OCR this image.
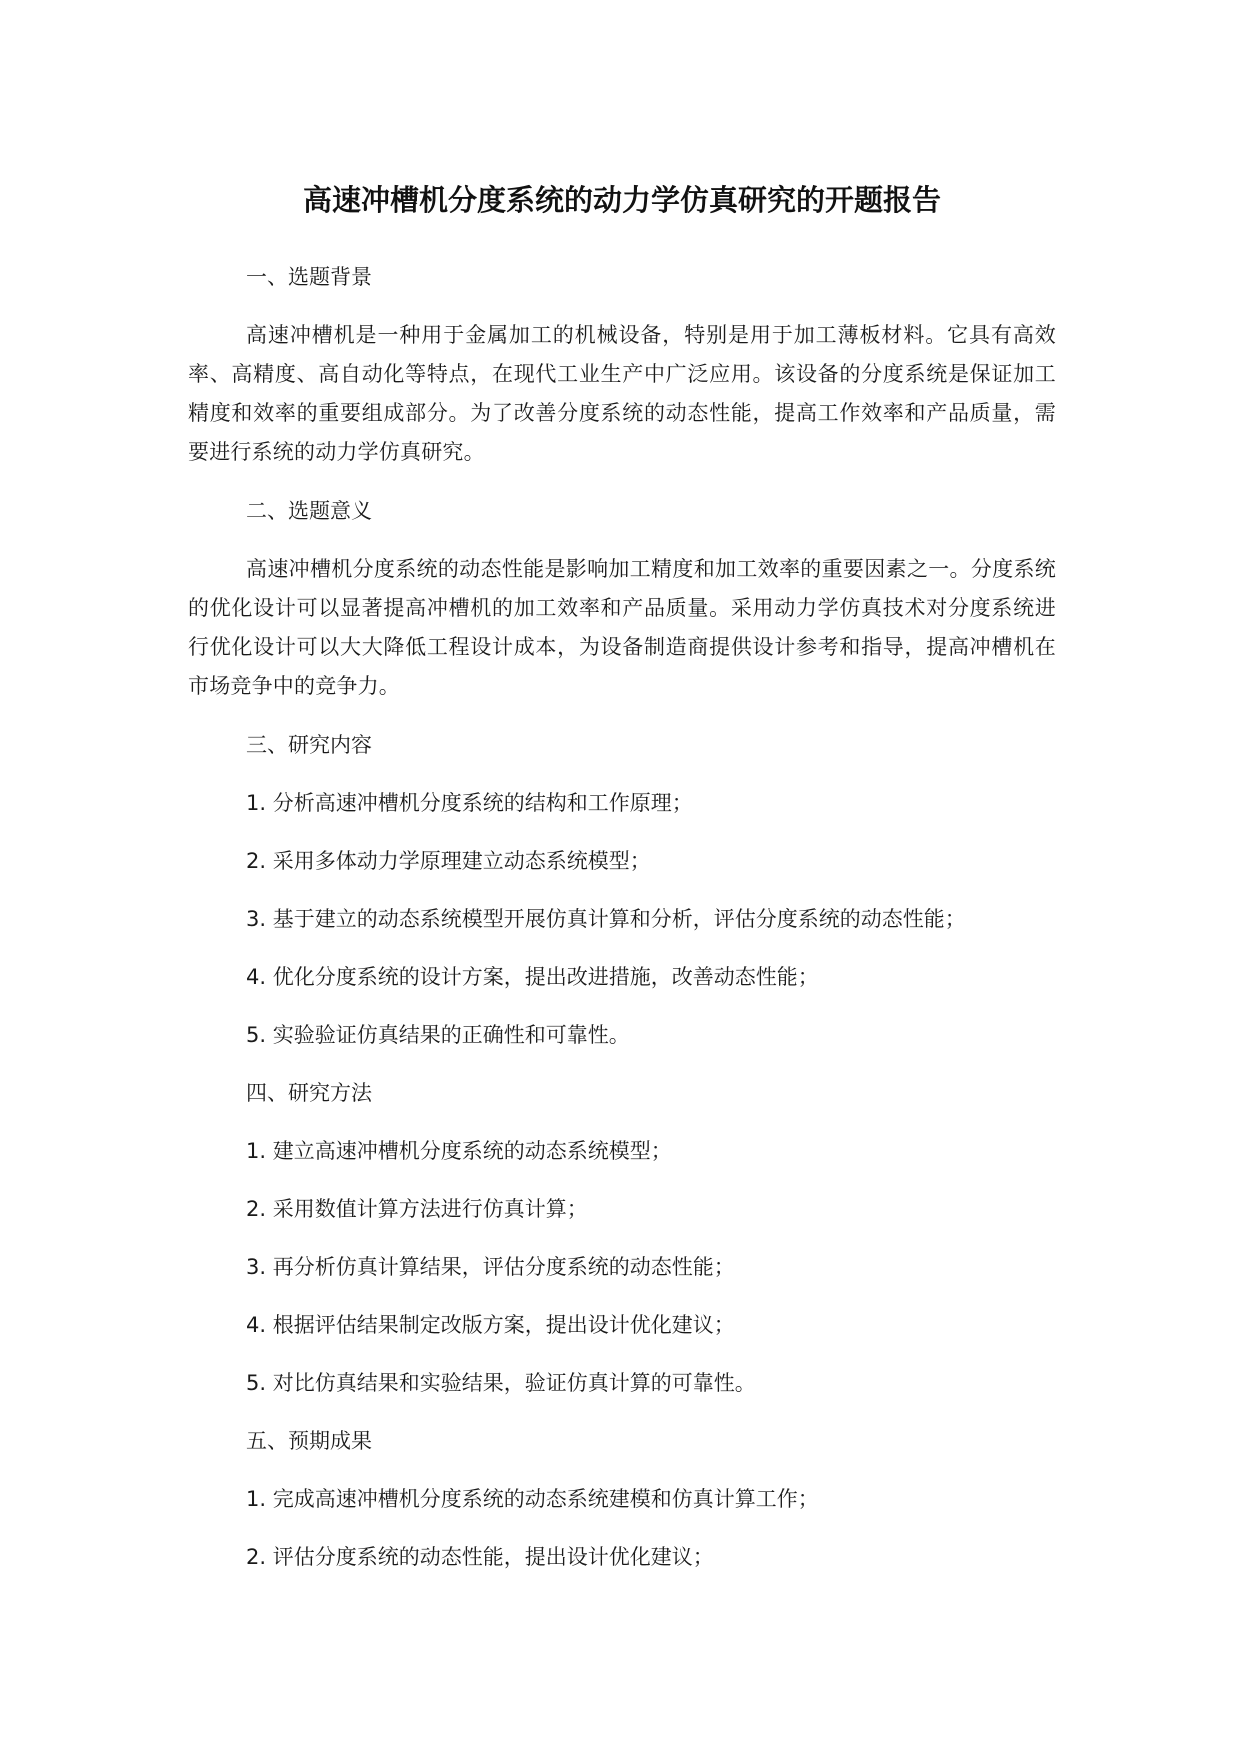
高速冲槽机分度系统的动力学仿真研究的开题报告

一、选题背景

高速冲槽机是一种用于金属加工的机械设备，特别是用于加工薄板材料。它具有高效率、高精度、高自动化等特点，在现代工业生产中广泛应用。该设备的分度系统是保证加工精度和效率的重要组成部分。为了改善分度系统的动态性能，提高工作效率和产品质量，需要进行系统的动力学仿真研究。

二、选题意义

高速冲槽机分度系统的动态性能是影响加工精度和加工效率的重要因素之一。分度系统的优化设计可以显著提高冲槽机的加工效率和产品质量。采用动力学仿真技术对分度系统进行优化设计可以大大降低工程设计成本，为设备制造商提供设计参考和指导，提高冲槽机在市场竞争中的竞争力。

三、研究内容

1. 分析高速冲槽机分度系统的结构和工作原理；

2. 采用多体动力学原理建立动态系统模型；

3. 基于建立的动态系统模型开展仿真计算和分析，评估分度系统的动态性能；

4. 优化分度系统的设计方案，提出改进措施，改善动态性能；

5. 实验验证仿真结果的正确性和可靠性。

四、研究方法

1. 建立高速冲槽机分度系统的动态系统模型；

2. 采用数值计算方法进行仿真计算；

3. 再分析仿真计算结果，评估分度系统的动态性能；

4. 根据评估结果制定改版方案，提出设计优化建议；

5. 对比仿真结果和实验结果，验证仿真计算的可靠性。

五、预期成果

1. 完成高速冲槽机分度系统的动态系统建模和仿真计算工作；

2. 评估分度系统的动态性能，提出设计优化建议；
